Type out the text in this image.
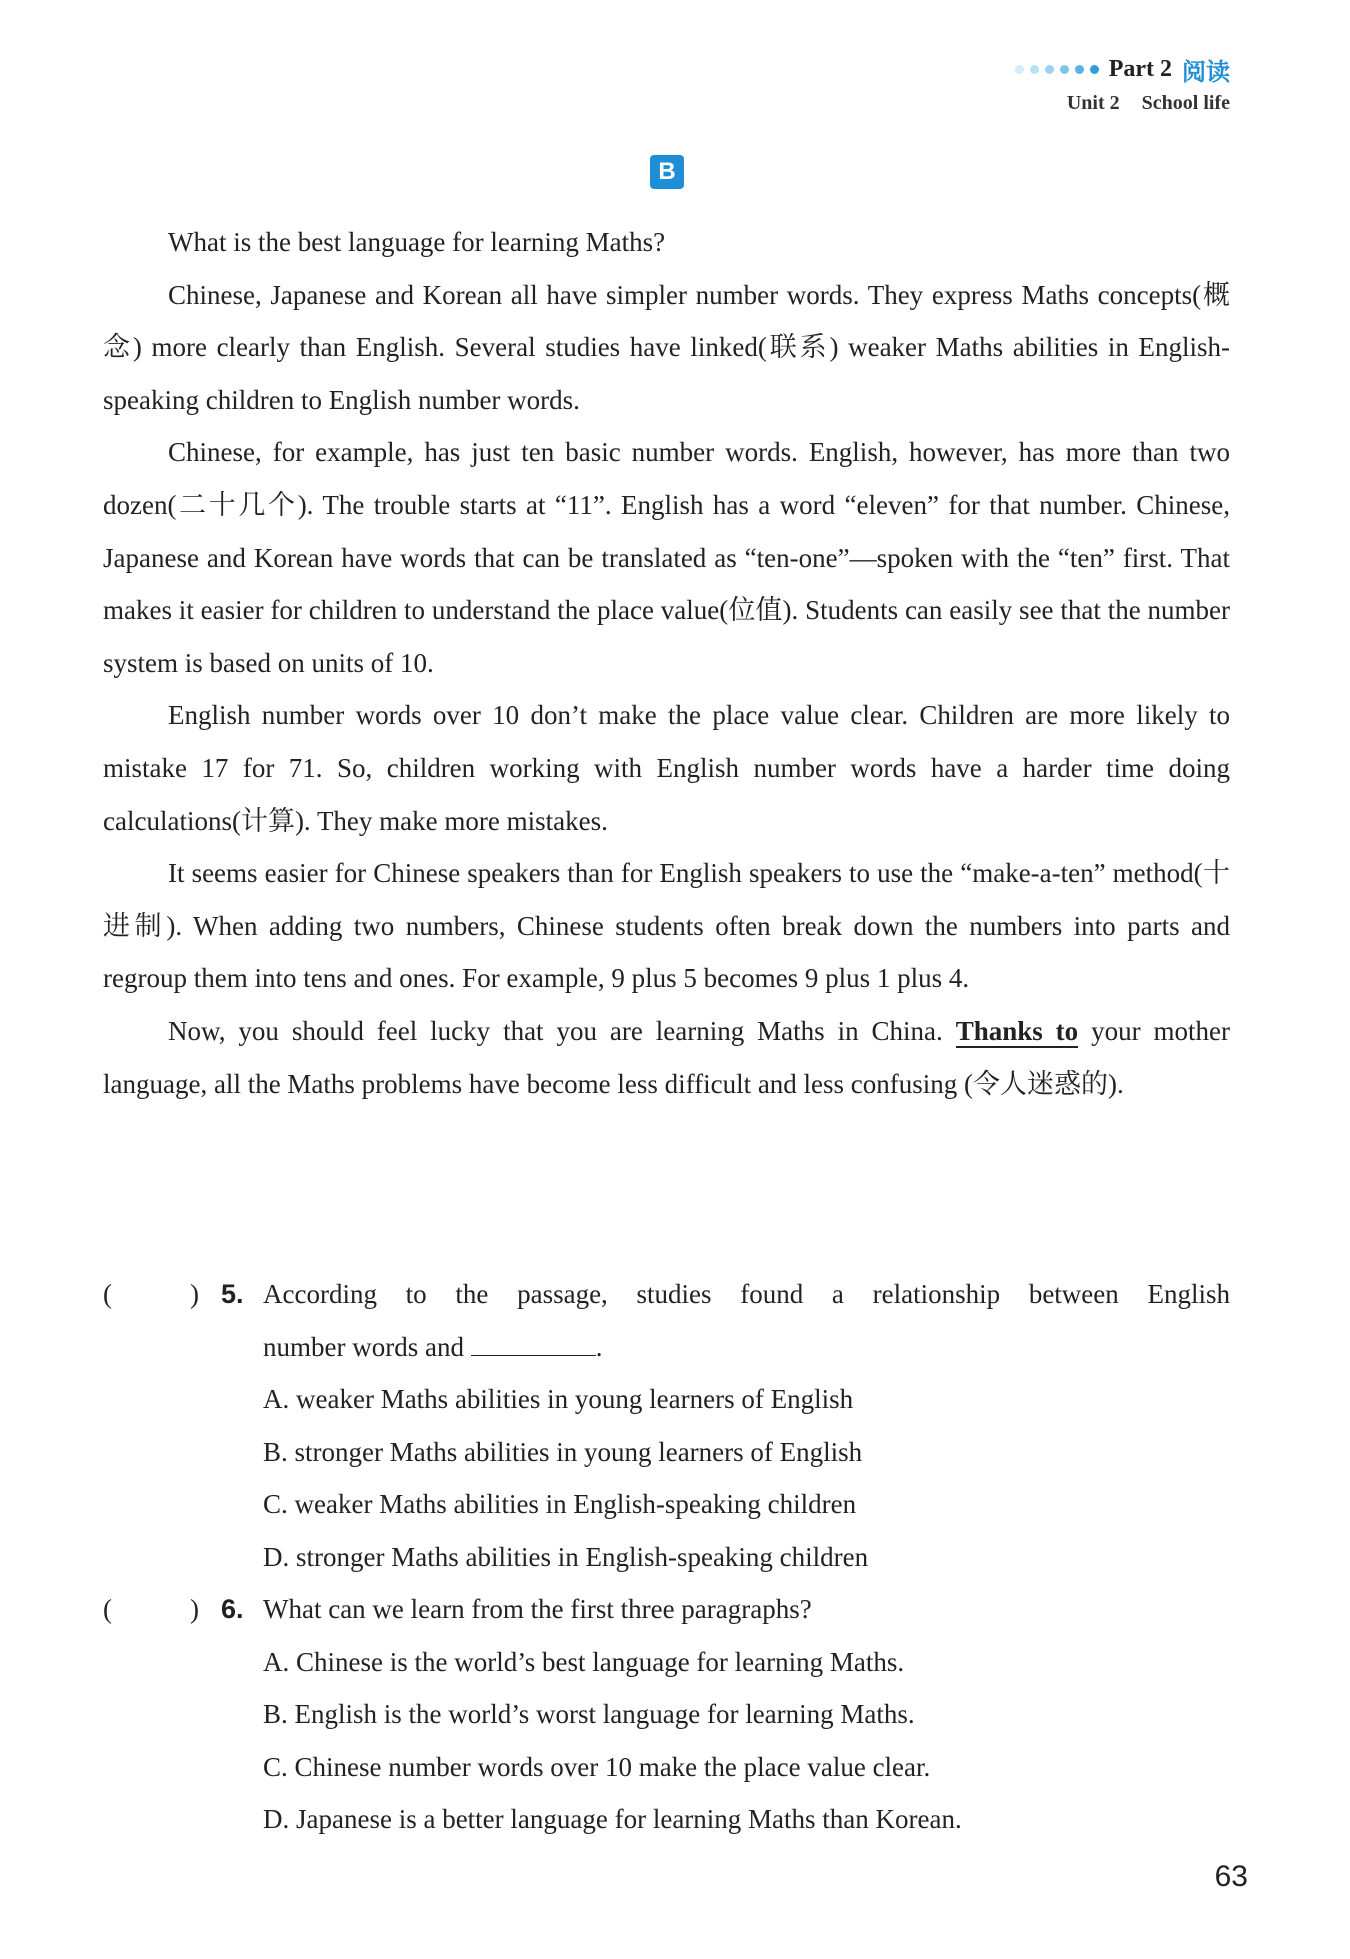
Part 2 阅读
Unit 2 School life
B

What is the best language for learning Maths?

Chinese, Japanese and Korean all have simpler number words. They express Maths concepts(概念) more clearly than English. Several studies have linked(联系) weaker Maths abilities in English-speaking children to English number words.

Chinese, for example, has just ten basic number words. English, however, has more than two dozen(二十几个). The trouble starts at “11”. English has a word “eleven” for that number. Chinese, Japanese and Korean have words that can be translated as “ten-one”—spoken with the “ten” first. That makes it easier for children to understand the place value(位值). Students can easily see that the number system is based on units of 10.

English number words over 10 don’t make the place value clear. Children are more likely to mistake 17 for 71. So, children working with English number words have a harder time doing calculations(计算). They make more mistakes.

It seems easier for Chinese speakers than for English speakers to use the “make-a-ten” method(十进制). When adding two numbers, Chinese students often break down the numbers into parts and regroup them into tens and ones. For example, 9 plus 5 becomes 9 plus 1 plus 4.

Now, you should feel lucky that you are learning Maths in China. Thanks to your mother language, all the Maths problems have become less difficult and less confusing (令人迷惑的).

(	) 5. According to the passage, studies found a relationship between English
number words and	.
A. weaker Maths abilities in young learners of English
B. stronger Maths abilities in young learners of English
C. weaker Maths abilities in English-speaking children
D. stronger Maths abilities in English-speaking children
(	) 6. What can we learn from the first three paragraphs?
A. Chinese is the world’s best language for learning Maths.
B. English is the world’s worst language for learning Maths.
C. Chinese number words over 10 make the place value clear.
D. Japanese is a better language for learning Maths than Korean.
63
